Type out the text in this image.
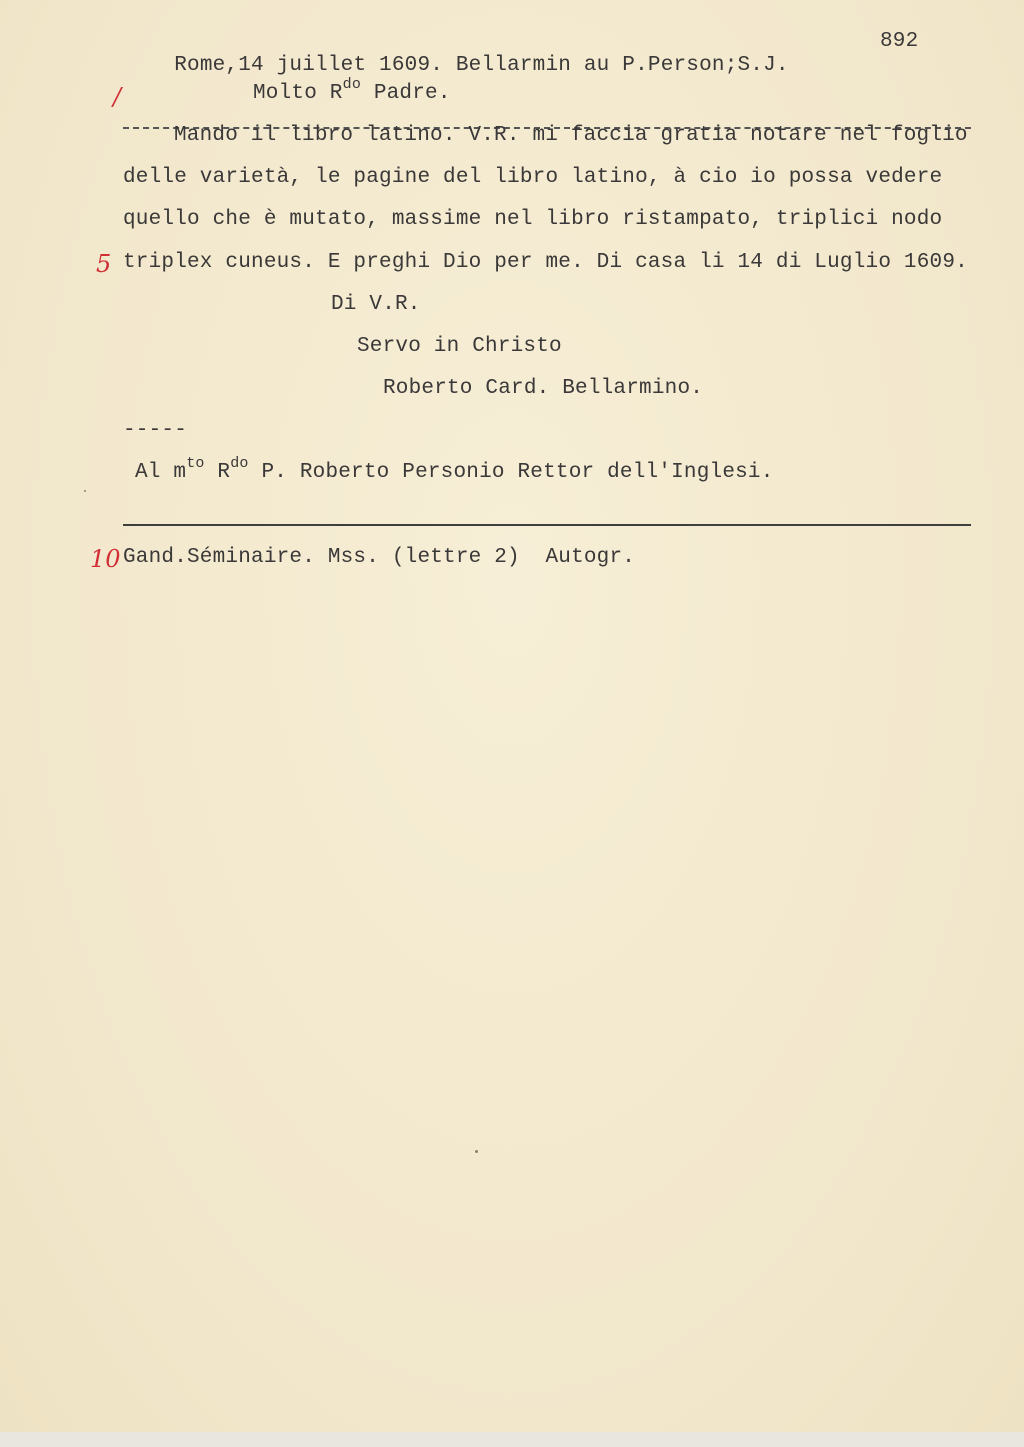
Rome,14 juillet 1609. Bellarmin au P.Person;S.J.

892

/	Molto $R^{do}$ Padre.
Mando il libro latino. V.R. mi faccia gratia notare nel foglio
delle varietà, le pagine del libro latino, à cio io possa vedere
quello che è mutato, massime nel libro ristampato, triplici nodo
5 triplex cuneus. E preghi Dio per me. Di casa li 14 di Luglio 1609.
Di V.R.
Servo in Christo
Roberto Card. Bellarmino.
-----
Al $m^{to}$ $R^{do}$ P. Roberto Personio Rettor dell'Inglesi.
10 Gand.Séminaire. Mss. (lettre 2)  Autogr.
